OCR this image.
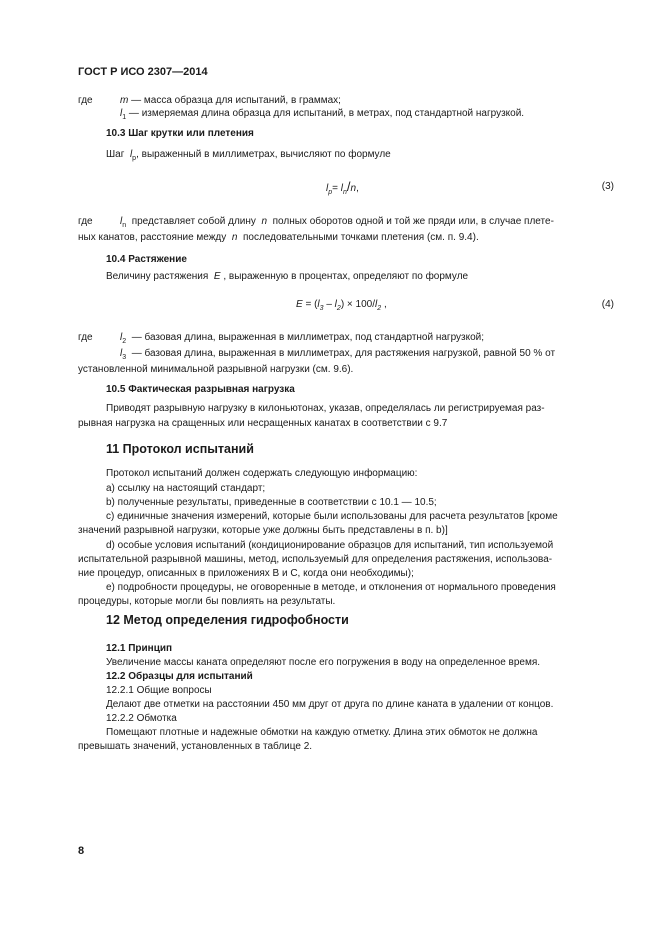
ГОСТ Р ИСО 2307—2014
где	m — масса образца для испытаний, в граммах;
$l_1$ — измеряемая длина образца для испытаний, в метрах, под стандартной нагрузкой.
10.3 Шаг крутки или плетения
Шаг $l_p$, выраженный в миллиметрах, вычисляют по формуле
$l_p= l_n/n$,	(3)
где	$l_n$ представляет собой длину n полных оборотов одной и той же пряди или, в случае плете-
ных канатов, расстояние между n последовательными точками плетения (см. п. 9.4).
10.4 Растяжение
Величину растяжения E , выраженную в процентах, определяют по формуле
$E = (l_3 - l_2) \times 100/l_2$ ,	(4)
где	$l_2$ — базовая длина, выраженная в миллиметрах, под стандартной нагрузкой;
$l_3$ — базовая длина, выраженная в миллиметрах, для растяжения нагрузкой, равной 50 % от
установленной минимальной разрывной нагрузки (см. 9.6).
10.5 Фактическая разрывная нагрузка
Приводят разрывную нагрузку в килоньютонах, указав, определялась ли регистрируемая раз-
рывная нагрузка на сращенных или несращенных канатах в соответствии с 9.7
11 Протокол испытаний
Протокол испытаний должен содержать следующую информацию:
а) ссылку на настоящий стандарт;
b) полученные результаты, приведенные в соответствии с 10.1 — 10.5;
с) единичные значения измерений, которые были использованы для расчета результатов [кроме
значений разрывной нагрузки, которые уже должны быть представлены в п. b)]
d) особые условия испытаний (кондиционирование образцов для испытаний, тип используемой
испытательной разрывной машины, метод, используемый для определения растяжения, использова-
ние процедур, описанных в приложениях В и С, когда они необходимы);
е) подробности процедуры, не оговоренные в методе, и отклонения от нормального проведения
процедуры, которые могли бы повлиять на результаты.
12 Метод определения гидрофобности
12.1 Принцип
Увеличение массы каната определяют после его погружения в воду на определенное время.
12.2 Образцы для испытаний
12.2.1 Общие вопросы
Делают две отметки на расстоянии 450 мм друг от друга по длине каната в удалении от концов.
12.2.2 Обмотка
Помещают плотные и надежные обмотки на каждую отметку. Длина этих обмоток не должна
превышать значений, установленных в таблице 2.
8
